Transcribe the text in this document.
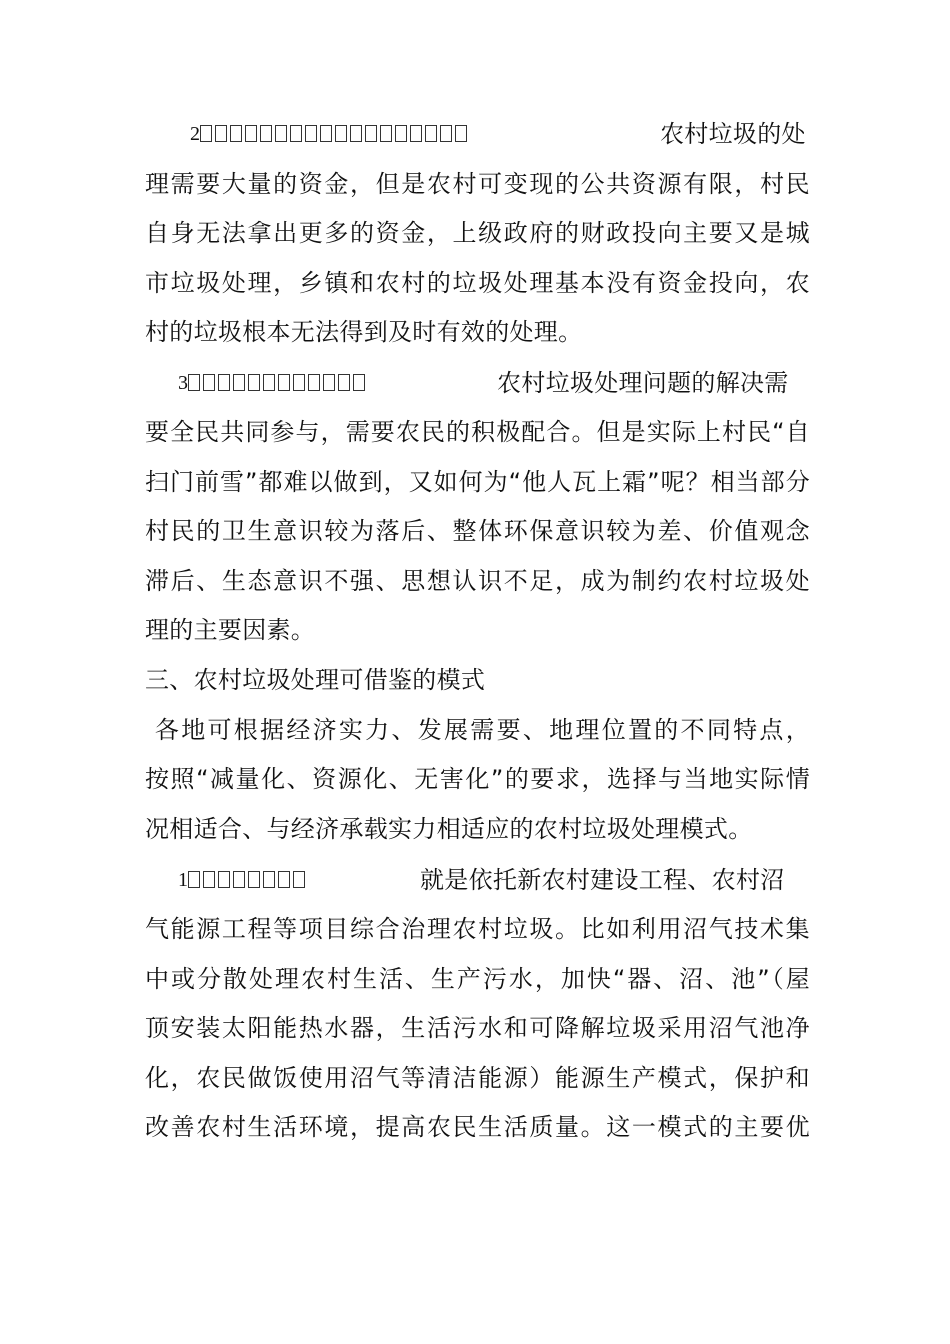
2	农村垃圾的处
理需要大量的资金，但是农村可变现的公共资源有限，村民
自身无法拿出更多的资金，上级政府的财政投向主要又是城
市垃圾处理，乡镇和农村的垃圾处理基本没有资金投向，农
村的垃圾根本无法得到及时有效的处理。
3	农村垃圾处理问题的解决需
要全民共同参与，需要农民的积极配合。但是实际上村民“自
扫门前雪”都难以做到，又如何为“他人瓦上霜”呢？相当部分
村民的卫生意识较为落后、整体环保意识较为差、价值观念
滞后、生态意识不强、思想认识不足，成为制约农村垃圾处
理的主要因素。
三、农村垃圾处理可借鉴的模式
各地可根据经济实力、发展需要、地理位置的不同特点，
按照“减量化、资源化、无害化”的要求，选择与当地实际情
况相适合、与经济承载实力相适应的农村垃圾处理模式。
1	就是依托新农村建设工程、农村沼
气能源工程等项目综合治理农村垃圾。比如利用沼气技术集
中或分散处理农村生活、生产污水，加快“器、沼、池”（屋
顶安装太阳能热水器，生活污水和可降解垃圾采用沼气池净
化，农民做饭使用沼气等清洁能源）能源生产模式，保护和
改善农村生活环境，提高农民生活质量。这一模式的主要优
